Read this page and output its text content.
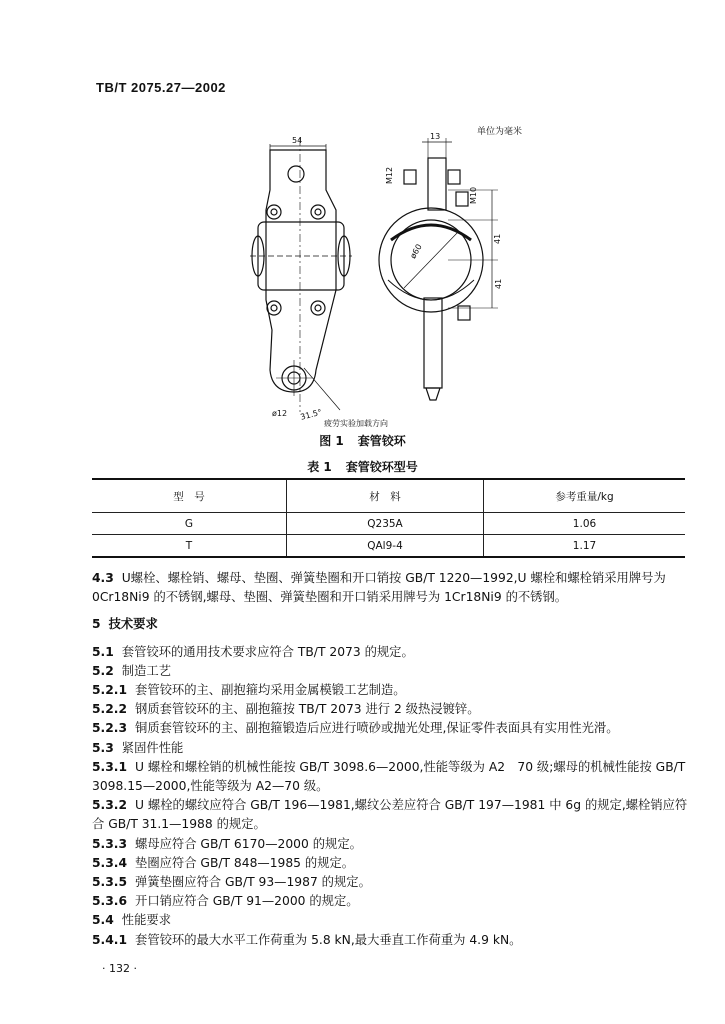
TB/T 2075.27—2002
单位为毫米
54	13
M12
M10
41
41
ø60
ø12 31.5°
疲劳实验加载方向
图 1 套管铰环
表 1 套管铰环型号
型　号	材　料	参考重量/kg
G	Q235A	1.06
T	QAl9-4	1.17

4.3 U螺栓、螺栓销、螺母、垫圈、弹簧垫圈和开口销按 GB/T 1220—1992,U 螺栓和螺栓销采用牌号为 0Cr18Ni9 的不锈钢,螺母、垫圈、弹簧垫圈和开口销采用牌号为 1Cr18Ni9 的不锈钢。

5 技术要求

5.1 套管铰环的通用技术要求应符合 TB/T 2073 的规定。

5.2 制造工艺

5.2.1 套管铰环的主、副抱箍均采用金属模锻工艺制造。

5.2.2 钢质套管铰环的主、副抱箍按 TB/T 2073 进行 2 级热浸镀锌。

5.2.3 铜质套管铰环的主、副抱箍锻造后应进行喷砂或抛光处理,保证零件表面具有实用性光滑。

5.3 紧固件性能

5.3.1 U 螺栓和螺栓销的机械性能按 GB/T 3098.6—2000,性能等级为 A2　70 级;螺母的机械性能按 GB/T 3098.15—2000,性能等级为 A2—70 级。

5.3.2 U 螺栓的螺纹应符合 GB/T 196—1981,螺纹公差应符合 GB/T 197—1981 中 6g 的规定,螺栓销应符合 GB/T 31.1—1988 的规定。

5.3.3 螺母应符合 GB/T 6170—2000 的规定。

5.3.4 垫圈应符合 GB/T 848—1985 的规定。

5.3.5 弹簧垫圈应符合 GB/T 93—1987 的规定。

5.3.6 开口销应符合 GB/T 91—2000 的规定。

5.4 性能要求

5.4.1 套管铰环的最大水平工作荷重为 5.8 kN,最大垂直工作荷重为 4.9 kN。

· 132 ·
